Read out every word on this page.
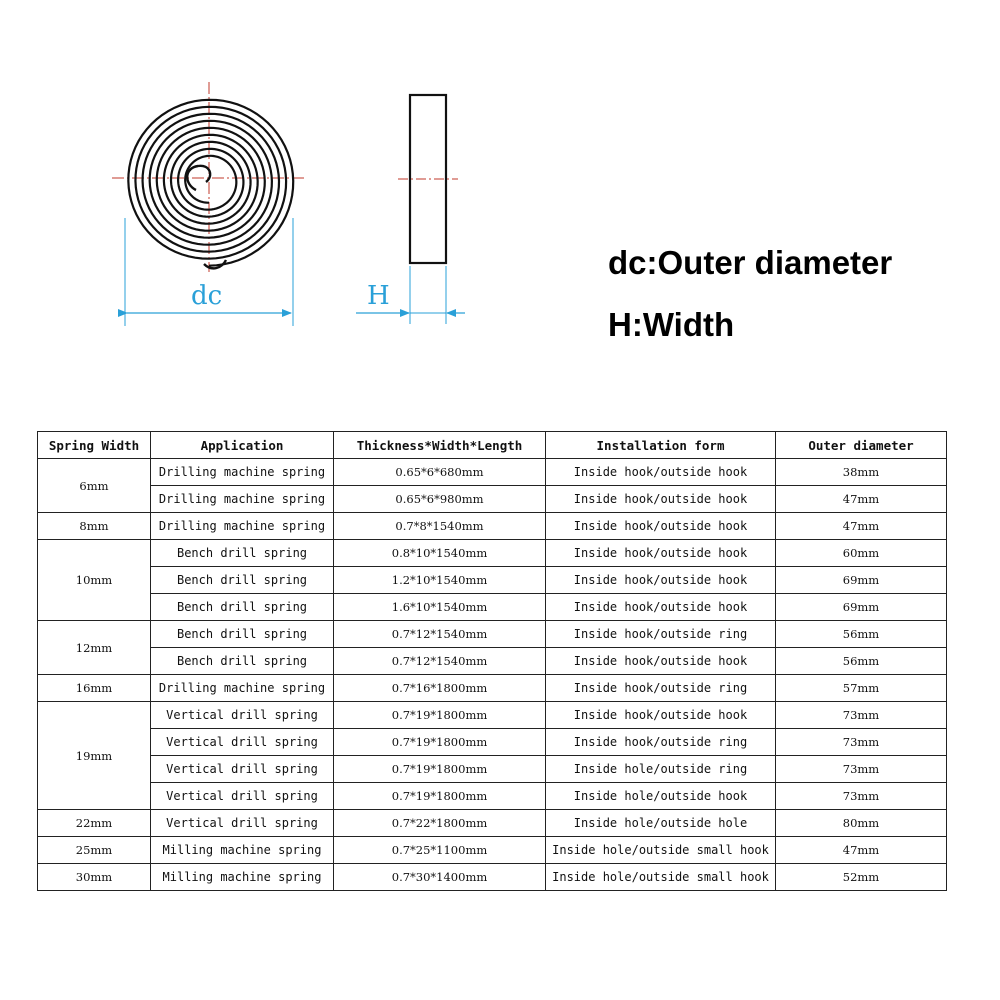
dc	H
dc:Outer diameter
H:Width
Spring Width	Application	Thickness*Width*Length	Installation form	Outer diameter
6mm	Drilling machine spring	0.65*6*680mm	Inside hook/outside hook	38mm
	Drilling machine spring	0.65*6*980mm	Inside hook/outside hook	47mm
8mm	Drilling machine spring	0.7*8*1540mm	Inside hook/outside hook	47mm
10mm	Bench drill spring	0.8*10*1540mm	Inside hook/outside hook	60mm
	Bench drill spring	1.2*10*1540mm	Inside hook/outside hook	69mm
	Bench drill spring	1.6*10*1540mm	Inside hook/outside hook	69mm
12mm	Bench drill spring	0.7*12*1540mm	Inside hook/outside ring	56mm
	Bench drill spring	0.7*12*1540mm	Inside hook/outside hook	56mm
16mm	Drilling machine spring	0.7*16*1800mm	Inside hook/outside ring	57mm
19mm	Vertical drill spring	0.7*19*1800mm	Inside hook/outside hook	73mm
	Vertical drill spring	0.7*19*1800mm	Inside hook/outside ring	73mm
	Vertical drill spring	0.7*19*1800mm	Inside hole/outside ring	73mm
	Vertical drill spring	0.7*19*1800mm	Inside hole/outside hook	73mm
22mm	Vertical drill spring	0.7*22*1800mm	Inside hole/outside hole	80mm
25mm	Milling machine spring	0.7*25*1100mm	Inside hole/outside small hook	47mm
30mm	Milling machine spring	0.7*30*1400mm	Inside hole/outside small hook	52mm
